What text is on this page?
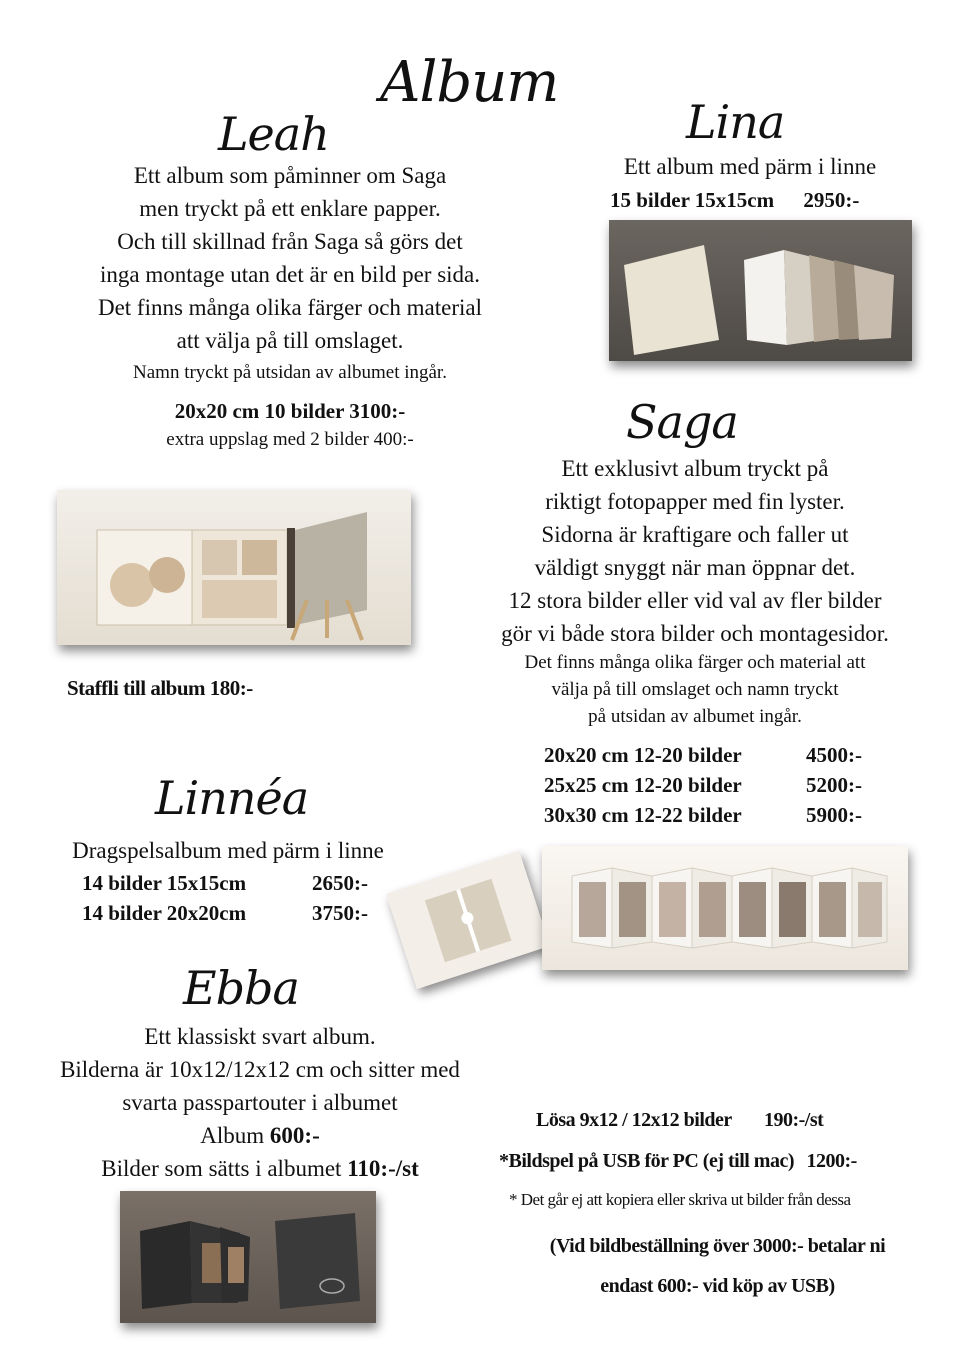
Album
Leah
Ett album som påminner om Saga
men tryckt på ett enklare papper.
Och till skillnad från Saga så görs det
inga montage utan det är en bild per sida.
Det finns många olika färger och material
att välja på till omslaget.
Namn tryckt på utsidan av albumet ingår.
20x20 cm 10 bilder 3100:-
extra uppslag med 2 bilder 400:-
Staffli till album 180:-
Lina
Ett album med pärm i linne
15 bilder 15x15cm 2950:-
Saga
Ett exklusivt album tryckt på
riktigt fotopapper med fin lyster.
Sidorna är kraftigare och faller ut
väldigt snyggt när man öppnar det.
12 stora bilder eller vid val av fler bilder
gör vi både stora bilder och montagesidor.
Det finns många olika färger och material att
välja på till omslaget och namn tryckt
på utsidan av albumet ingår.
20x20 cm 12-20 bilder	4500:-
25x25 cm 12-20 bilder	5200:-
30x30 cm 12-22 bilder	5900:-
Linnéa
Dragspelsalbum med pärm i linne
14 bilder 15x15cm	2650:-
14 bilder 20x20cm	3750:-
Ebba
Ett klassiskt svart album.
Bilderna är 10x12/12x12 cm och sitter med
svarta passpartouter i albumet
Album 600:-
Bilder som sätts i albumet 110:-/st
Lösa 9x12 / 12x12 bilder 190:-/st
*Bildspel på USB för PC (ej till mac) 1200:-
* Det går ej att kopiera eller skriva ut bilder från dessa
(Vid bildbeställning över 3000:- betalar ni
endast 600:- vid köp av USB)
